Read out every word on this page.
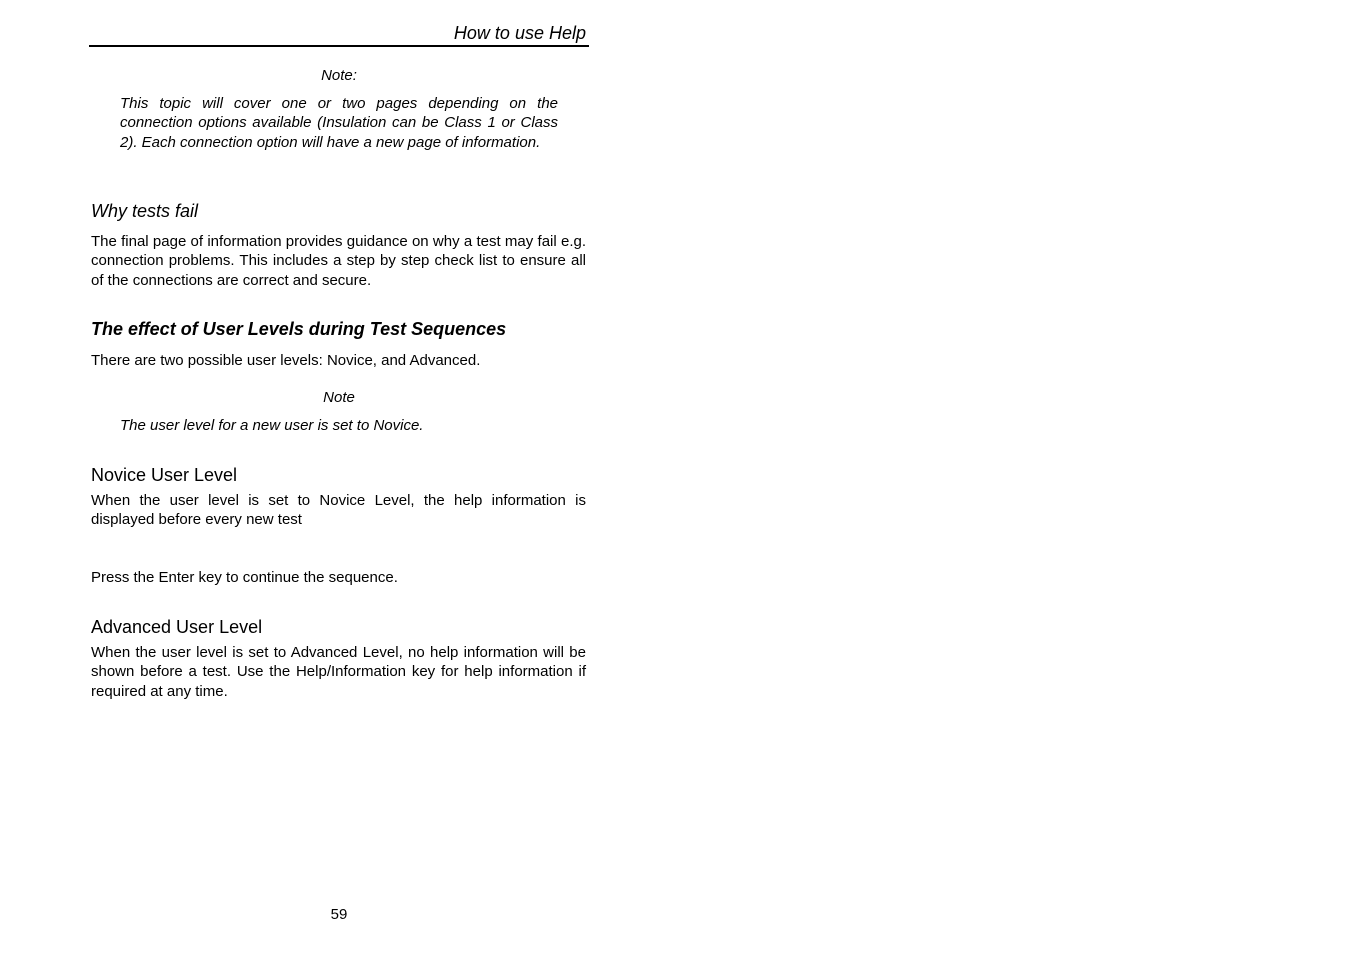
How to use Help
Note:
This topic will cover one or two pages depending on the connection options available (Insulation can be Class 1 or Class 2). Each connection option will have a new page of information.
Why tests fail
The final page of information provides guidance on why a test may fail e.g. connection problems. This includes a step by step check list to ensure all of the connections are correct and secure.
The effect of User Levels during Test Sequences
There are two possible user levels: Novice, and Advanced.
Note
The user level for a new user is set to Novice.
Novice User Level
When the user level is set to Novice Level, the help information is displayed before every new test
Press the Enter key to continue the sequence.
Advanced User Level
When the user level is set to Advanced Level, no help information will be shown before a test. Use the Help/Information key for help information if required at any time.
59
